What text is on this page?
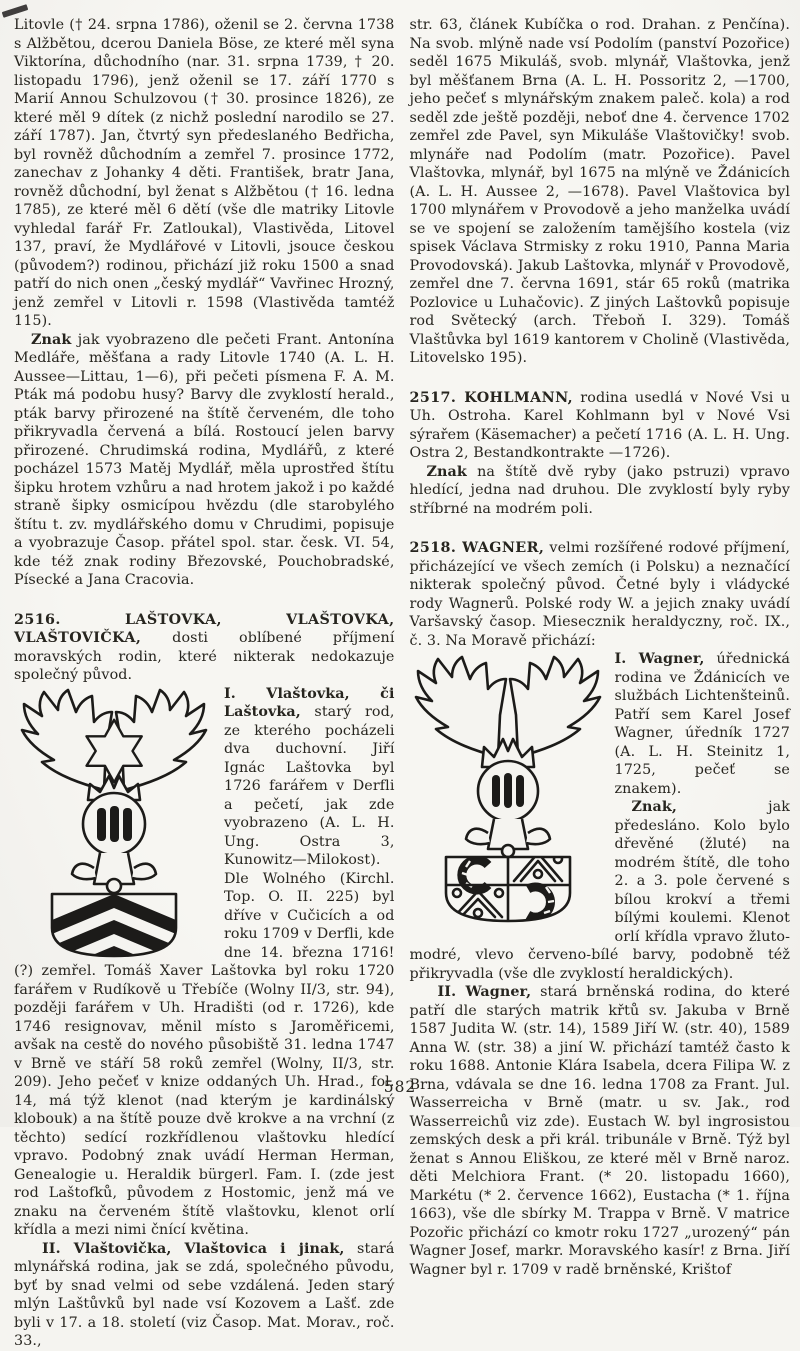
Litovle († 24. srpna 1786), oženil se 2. června 1738 s Alžbětou, dcerou Daniela Böse, ze které měl syna Viktorína, důchodního (nar. 31. srpna 1739, † 20. listopadu 1796), jenž oženil se 17. září 1770 s Marií Annou Schulzovou († 30. prosince 1826), ze které měl 9 dítek (z nichž poslední narodilo se 27. září 1787). Jan, čtvrtý syn předeslaného Bedřicha, byl rovněž důchodním a zemřel 7. prosince 1772, zanechav z Johanky 4 děti. František, bratr Jana, rovněž důchodní, byl ženat s Alžbětou († 16. ledna 1785), ze které měl 6 dětí (vše dle matriky Litovle vyhledal farář Fr. Zatloukal), Vlastivěda, Litovel 137, praví, že Mydlářové v Litovli, jsouce českou (původem?) rodinou, přichází již roku 1500 a snad patří do nich onen „český mydlář“ Vavřinec Hrozný, jenž zemřel v Litovli r. 1598 (Vlastivěda tamtéž 115).

Znak jak vyobrazeno dle pečeti Frant. Antonína Medláře, měšťana a rady Litovle 1740 (A. L. H. Aussee—Littau, 1—6), při pečeti písmena F. A. M. Pták má podobu husy? Barvy dle zvyklostí herald., pták barvy přirozené na štítě červeném, dle toho přikryvadla červená a bílá. Rostoucí jelen barvy přirozené. Chrudimská rodina, Mydlářů, z které pocházel 1573 Matěj Mydlář, měla uprostřed štítu šipku hrotem vzhůru a nad hrotem jakož i po každé straně šipky osmicípou hvězdu (dle starobylého štítu t. zv. mydlářského domu v Chrudimi, popisuje a vyobrazuje Časop. přátel spol. star. česk. VI. 54, kde též znak rodiny Březovské, Pouchobradské, Písecké a Jana Cracovia.

2516. LAŠTOVKA, VLAŠTOVKA, VLAŠTOVIČKA, dosti oblíbené příjmení moravských rodin, které nikterak nedokazuje společný původ.

I. Vlaštovka, či Laštovka, starý rod, ze kterého pocházeli dva duchovní. Jiří Ignác Laštovka byl 1726 farářem v Derfli a pečetí, jak zde vyobrazeno (A. L. H. Ung. Ostra 3, Kunowitz—Milokost). Dle Wolného (Kirchl. Top. O. II. 225) byl dříve v Cučicích a od roku 1709 v Derfli, kde dne 14. března 1716! (?) zemřel. Tomáš Xaver Laštovka byl roku 1720 farářem v Rudíkově u Třebíče (Wolny II/3, str. 94), později farářem v Uh. Hradišti (od r. 1726), kde 1746 resignovav, měnil místo s Jaroměřicemi, avšak na cestě do nového působiště 31. ledna 1747 v Brně ve stáří 58 roků zemřel (Wolny, II/3, str. 209). Jeho pečeť v knize oddaných Uh. Hrad., fol. 14, má týž klenot (nad kterým je kardinálský klobouk) a na štítě pouze dvě krokve a na vrchní (z těchto) sedící rozkřídlenou vlaštovku hledící vpravo. Podobný znak uvádí Herman Herman, Genealogie u. Heraldik bürgerl. Fam. I. (zde jest rod Laštofků, původem z Hostomic, jenž má ve znaku na červeném štítě vlaštovku, klenot orlí křídla a mezi nimi čnící květina.

II. Vlaštovička, Vlaštovica i jinak, stará mlynářská rodina, jak se zdá, společného původu, byť by snad velmi od sebe vzdálená. Jeden starý mlýn Laštůvků byl nade vsí Kozovem a Lašť. zde byli v 17. a 18. století (viz Časop. Mat. Morav., roč. 33.,

str. 63, článek Kubíčka o rod. Drahan. z Penčína). Na svob. mlýně nade vsí Podolím (panství Pozořice) seděl 1675 Mikuláš, svob. mlynář, Vlaštovka, jenž byl měšťanem Brna (A. L. H. Possoritz 2, —1700, jeho pečeť s mlynářským znakem paleč. kola) a rod seděl zde ještě později, neboť dne 4. července 1702 zemřel zde Pavel, syn Mikuláše Vlaštovičky! svob. mlynáře nad Podolím (matr. Pozořice). Pavel Vlaštovka, mlynář, byl 1675 na mlýně ve Ždánicích (A. L. H. Aussee 2, —1678). Pavel Vlaštovica byl 1700 mlynářem v Provodově a jeho manželka uvádí se ve spojení se založením tamějšího kostela (viz spisek Václava Strmisky z roku 1910, Panna Maria Provodovská). Jakub Laštovka, mlynář v Provodově, zemřel dne 7. června 1691, stár 65 roků (matrika Pozlovice u Luhačovic). Z jiných Laštovků popisuje rod Světecký (arch. Třeboň I. 329). Tomáš Vlaštůvka byl 1619 kantorem v Cholině (Vlastivěda, Litovelsko 195).

2517. KOHLMANN, rodina usedlá v Nové Vsi u Uh. Ostroha. Karel Kohlmann byl v Nové Vsi sýrařem (Käsemacher) a pečetí 1716 (A. L. H. Ung. Ostra 2, Bestandkontrakte —1726).

Znak na štítě dvě ryby (jako pstruzi) vpravo hledící, jedna nad druhou. Dle zvyklostí byly ryby stříbrné na modrém poli.

2518. WAGNER, velmi rozšířené rodové příjmení, přicházející ve všech zemích (i Polsku) a neznačící nikterak společný původ. Četné byly i vládycké rody Wagnerů. Polské rody W. a jejich znaky uvádí Varšavský časop. Miesecznik heraldyczny, roč. IX., č. 3. Na Moravě přichází:

I. Wagner, úřednická rodina ve Ždánicích ve službách Lichtenšteinů. Patří sem Karel Josef Wagner, úředník 1727 (A. L. H. Steinitz 1, 1725, pečeť se znakem).

Znak, jak předesláno. Kolo bylo dřevěné (žluté) na modrém štítě, dle toho 2. a 3. pole červené s bílou krokví a třemi bílými koulemi. Klenot orlí křídla vpravo žluto-modré, vlevo červeno-bílé barvy, podobně též přikryvadla (vše dle zvyklostí heraldických).

II. Wagner, stará brněnská rodina, do které patří dle starých matrik křtů sv. Jakuba v Brně 1587 Judita W. (str. 14), 1589 Jiří W. (str. 40), 1589 Anna W. (str. 38) a jiní W. přichází tamtéž často k roku 1688. Antonie Klára Isabela, dcera Filipa W. z Brna, vdávala se dne 16. ledna 1708 za Frant. Jul. Wasserreicha v Brně (matr. u sv. Jak., rod Wasserreichů viz zde). Eustach W. byl ingrosistou zemských desk a při král. tribunále v Brně. Týž byl ženat s Annou Eliškou, ze které měl v Brně naroz. děti Melchiora Frant. (* 20. listopadu 1660), Markétu (* 2. července 1662), Eustacha (* 1. října 1663), vše dle sbírky M. Trappa v Brně. V matrice Pozořic přichází co kmotr roku 1727 „urozený“ pán Wagner Josef, markr. Moravského kasír! z Brna. Jiří Wagner byl r. 1709 v radě brněnské, Krištof

582
